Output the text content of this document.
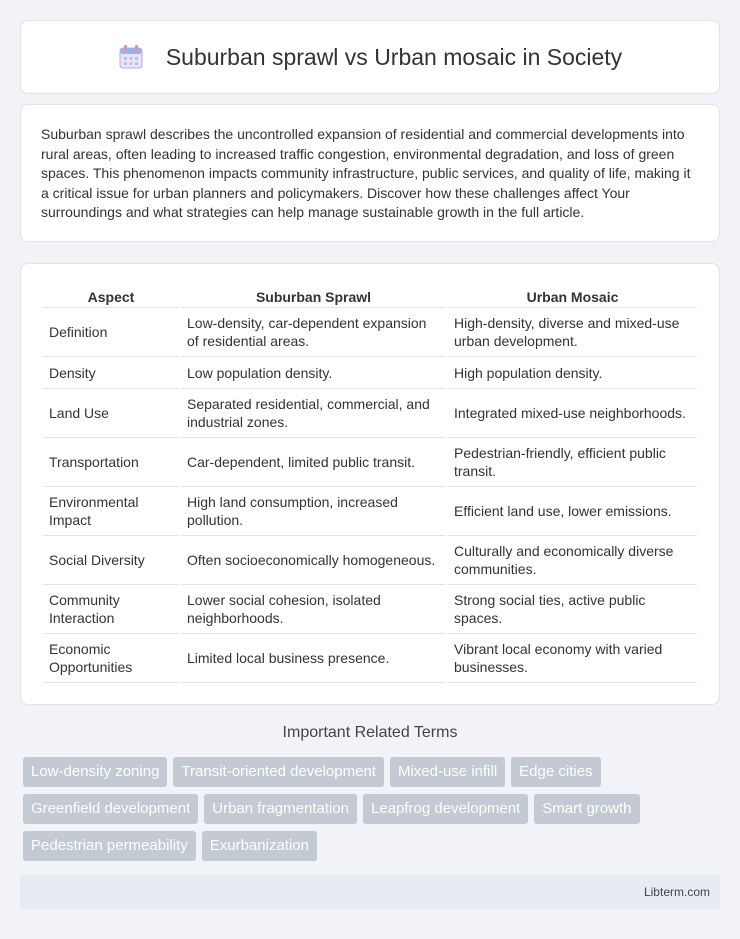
Suburban sprawl vs Urban mosaic in Society

Suburban sprawl describes the uncontrolled expansion of residential and commercial developments into rural areas, often leading to increased traffic congestion, environmental degradation, and loss of green spaces. This phenomenon impacts community infrastructure, public services, and quality of life, making it a critical issue for urban planners and policymakers. Discover how these challenges affect Your surroundings and what strategies can help manage sustainable growth in the full article.

Aspect	Suburban Sprawl	Urban Mosaic
Definition	Low-density, car-dependent expansion of residential areas.	High-density, diverse and mixed-use urban development.
Density	Low population density.	High population density.
Land Use	Separated residential, commercial, and industrial zones.	Integrated mixed-use neighborhoods.
Transportation	Car-dependent, limited public transit.	Pedestrian-friendly, efficient public transit.
Environmental Impact	High land consumption, increased pollution.	Efficient land use, lower emissions.
Social Diversity	Often socioeconomically homogeneous.	Culturally and economically diverse communities.
Community Interaction	Lower social cohesion, isolated neighborhoods.	Strong social ties, active public spaces.
Economic Opportunities	Limited local business presence.	Vibrant local economy with varied businesses.
Important Related Terms
Low-density zoning	Transit-oriented development	Mixed-use infill	Edge cities
Greenfield development	Urban fragmentation	Leapfrog development	Smart growth
Pedestrian permeability	Exurbanization
Libterm.com
